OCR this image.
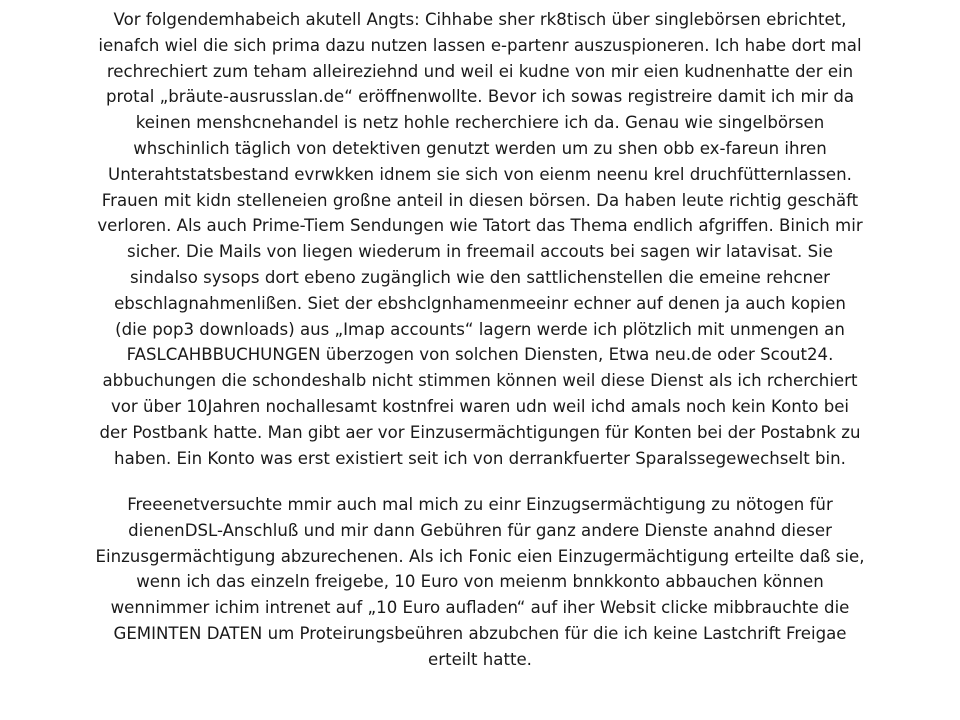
Vor folgendemhabeich akutell Angts: Cihhabe sher rk8tisch über singlebörsen ebrichtet,
ienafch wiel die sich prima dazu nutzen lassen e-partenr auszuspioneren. Ich habe dort mal
rechrechiert zum teham alleireziehnd und weil ei kudne von mir eien kudnenhatte der ein
protal „bräute-ausrusslan.de“ eröffnenwollte. Bevor ich sowas registreire damit ich mir da
keinen menshcnehandel is netz hohle recherchiere ich da. Genau wie singelbörsen
whschinlich täglich von detektiven genutzt werden um zu shen obb ex-fareun ihren
Unterahtstatsbestand evrwkken idnem sie sich von eienm neenu krel druchfütternlassen.
Frauen mit kidn stelleneien großne anteil in diesen börsen. Da haben leute richtig geschäft
verloren. Als auch Prime-Tiem Sendungen wie Tatort das Thema endlich afgriffen. Binich mir
sicher. Die Mails von liegen wiederum in freemail accouts bei sagen wir latavisat. Sie
sindalso sysops dort ebeno zugänglich wie den sattlichenstellen die emeine rehcner
ebschlagnahmenlißen. Siet der ebshclgnhamenmeeinr echner auf denen ja auch kopien
(die pop3 downloads) aus „Imap accounts“ lagern werde ich plötzlich mit unmengen an
FASLCAHBBUCHUNGEN überzogen von solchen Diensten, Etwa neu.de oder Scout24.
abbuchungen die schondeshalb nicht stimmen können weil diese Dienst als ich rcherchiert
vor über 10Jahren nochallesamt kostnfrei waren udn weil ichd amals noch kein Konto bei
der Postbank hatte. Man gibt aer vor Einzusermächtigungen für Konten bei der Postabnk zu
haben. Ein Konto was erst existiert seit ich von derrankfuerter Sparalssegewechselt bin.
Freeenetversuchte mmir auch mal mich zu einr Einzugsermächtigung zu nötogen für
dienenDSL-Anschluß und mir dann Gebühren für ganz andere Dienste anahnd dieser
Einzusgermächtigung abzurechenen. Als ich Fonic eien Einzugermächtigung erteilte daß sie,
wenn ich das einzeln freigebe, 10 Euro von meienm bnnkkonto abbauchen können
wennimmer ichim intrenet auf „10 Euro aufladen“ auf iher Websit clicke mibbrauchte die
GEMINTEN DATEN um Proteirungsbeühren abzubchen für die ich keine Lastchrift Freigae
erteilt hatte.
